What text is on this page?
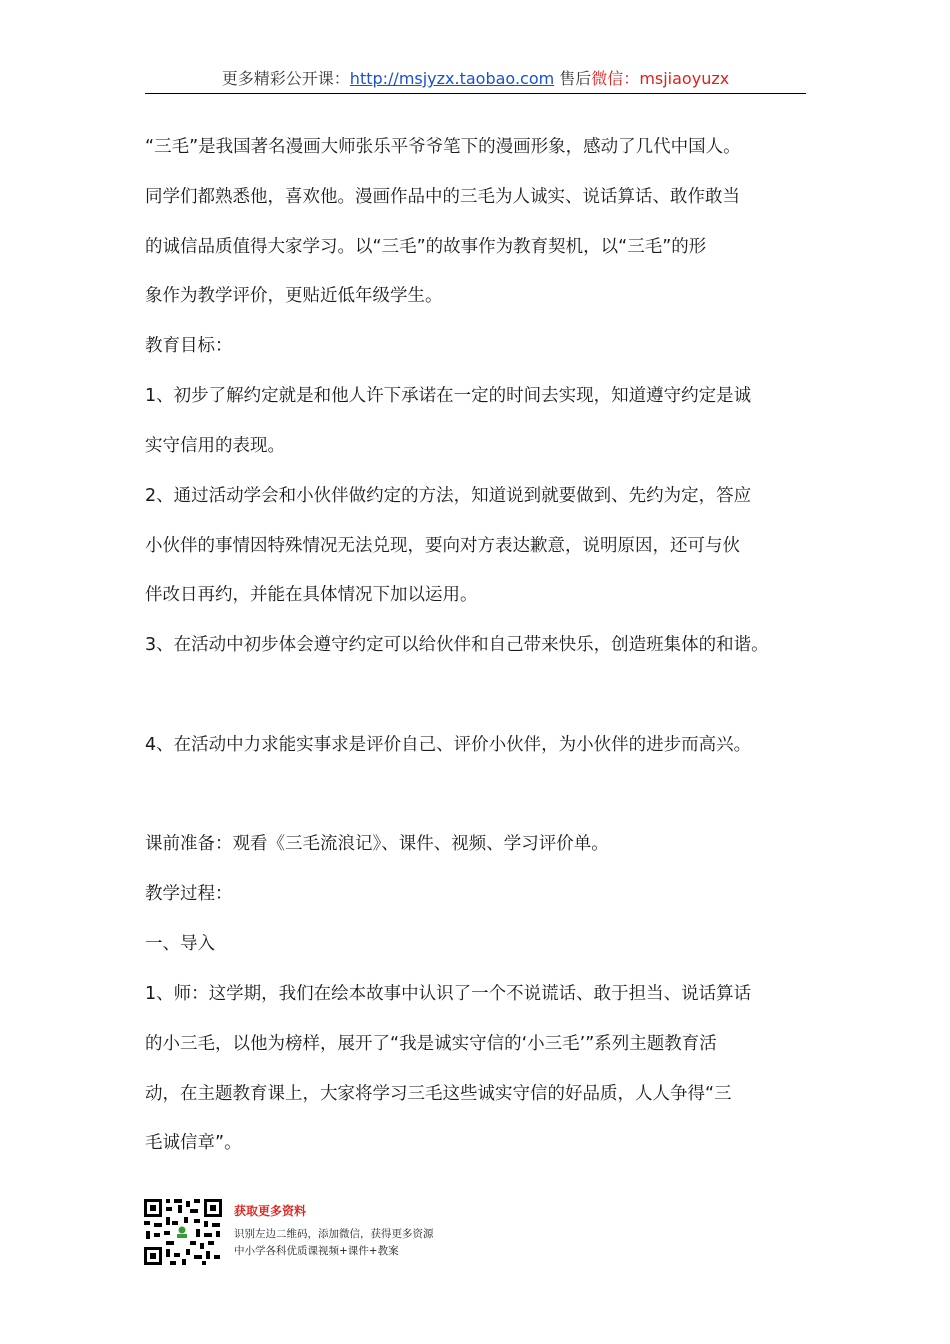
更多精彩公开课：http://msjyzx.taobao.com 售后微信：msjiaoyuzx
“三毛”是我国著名漫画大师张乐平爷爷笔下的漫画形象，感动了几代中国人。
同学们都熟悉他，喜欢他。漫画作品中的三毛为人诚实、说话算话、敢作敢当
的诚信品质值得大家学习。以“三毛”的故事作为教育契机，以“三毛”的形
象作为教学评价，更贴近低年级学生。
教育目标：
1、初步了解约定就是和他人许下承诺在一定的时间去实现，知道遵守约定是诚
实守信用的表现。
2、通过活动学会和小伙伴做约定的方法，知道说到就要做到、先约为定，答应
小伙伴的事情因特殊情况无法兑现，要向对方表达歉意，说明原因，还可与伙
伴改日再约，并能在具体情况下加以运用。
3、在活动中初步体会遵守约定可以给伙伴和自己带来快乐，创造班集体的和谐。
4、在活动中力求能实事求是评价自己、评价小伙伴，为小伙伴的进步而高兴。
课前准备：观看《三毛流浪记》、课件、视频、学习评价单。
教学过程：
一、导入
1、师：这学期，我们在绘本故事中认识了一个不说谎话、敢于担当、说话算话
的小三毛，以他为榜样，展开了“我是诚实守信的‘小三毛’”系列主题教育活
动，在主题教育课上，大家将学习三毛这些诚实守信的好品质，人人争得“三
毛诚信章”。
获取更多资料
识别左边二维码，添加微信，获得更多资源
中小学各科优质课视频+课件+教案
